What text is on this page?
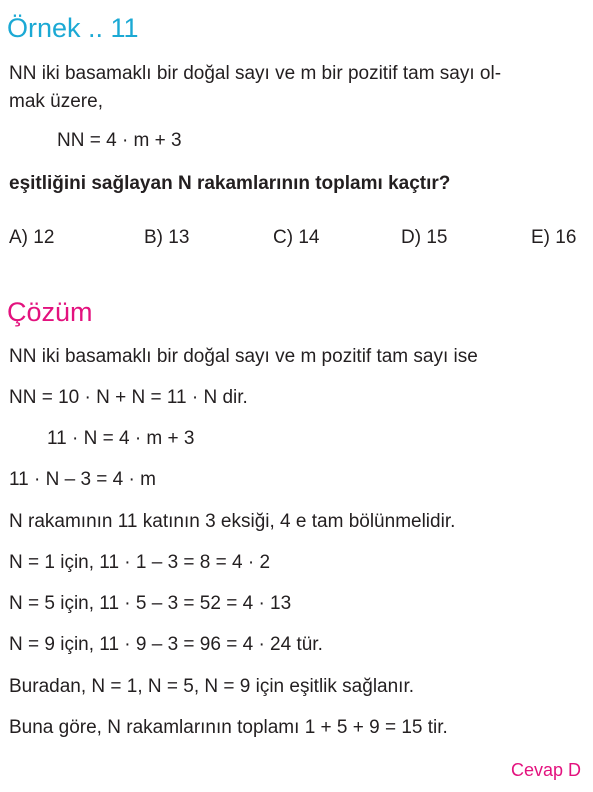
Örnek .. 11
NN iki basamaklı bir doğal sayı ve m bir pozitif tam sayı ol-
mak üzere,
NN = 4 · m + 3
eşitliğini sağlayan N rakamlarının toplamı kaçtır?
A) 12	B) 13	C) 14	D) 15	E) 16
Çözüm
NN iki basamaklı bir doğal sayı ve m pozitif tam sayı ise
NN = 10 · N + N = 11 · N dir.
11 · N = 4 · m + 3
11 · N – 3 = 4 · m
N rakamının 11 katının 3 eksiği, 4 e tam bölünmelidir.
N = 1 için, 11 · 1 – 3 = 8 = 4 · 2
N = 5 için, 11 · 5 – 3 = 52 = 4 · 13
N = 9 için, 11 · 9 – 3 = 96 = 4 · 24 tür.
Buradan, N = 1, N = 5, N = 9 için eşitlik sağlanır.
Buna göre, N rakamlarının toplamı 1 + 5 + 9 = 15 tir.
Cevap D
